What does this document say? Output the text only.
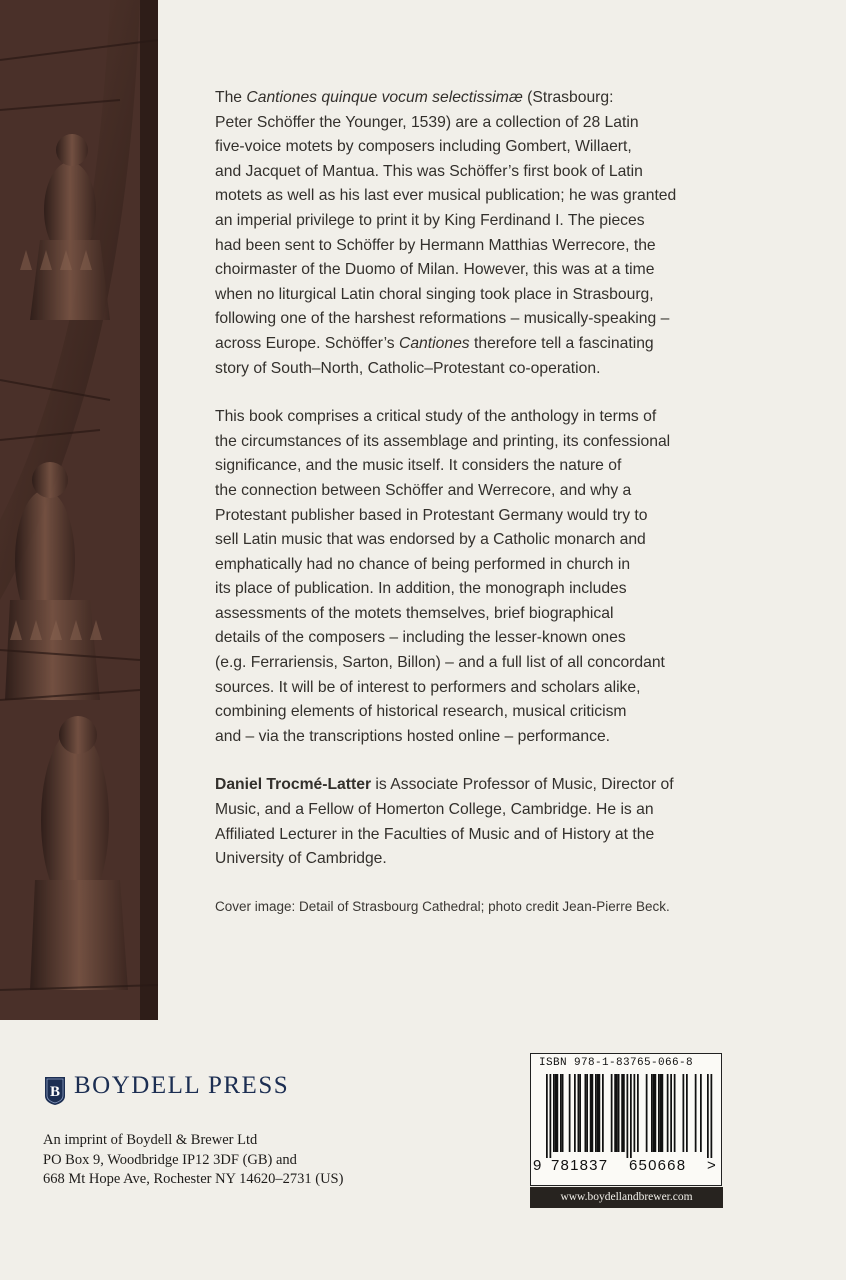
The Cantiones quinque vocum selectissimæ (Strasbourg:
Peter Schöffer the Younger, 1539) are a collection of 28 Latin
five-voice motets by composers including Gombert, Willaert,
and Jacquet of Mantua. This was Schöffer’s first book of Latin
motets as well as his last ever musical publication; he was granted
an imperial privilege to print it by King Ferdinand I. The pieces
had been sent to Schöffer by Hermann Matthias Werrecore, the
choirmaster of the Duomo of Milan. However, this was at a time
when no liturgical Latin choral singing took place in Strasbourg,
following one of the harshest reformations – musically-speaking –
across Europe. Schöffer’s Cantiones therefore tell a fascinating
story of South–North, Catholic–Protestant co-operation.

This book comprises a critical study of the anthology in terms of
the circumstances of its assemblage and printing, its confessional
significance, and the music itself. It considers the nature of
the connection between Schöffer and Werrecore, and why a
Protestant publisher based in Protestant Germany would try to
sell Latin music that was endorsed by a Catholic monarch and
emphatically had no chance of being performed in church in
its place of publication. In addition, the monograph includes
assessments of the motets themselves, brief biographical
details of the composers – including the lesser-known ones
(e.g. Ferrariensis, Sarton, Billon) – and a full list of all concordant
sources. It will be of interest to performers and scholars alike,
combining elements of historical research, musical criticism
and – via the transcriptions hosted online – performance.

Daniel Trocmé-Latter is Associate Professor of Music, Director of
Music, and a Fellow of Homerton College, Cambridge. He is an
Affiliated Lecturer in the Faculties of Music and of History at the
University of Cambridge.

Cover image: Detail of Strasbourg Cathedral; photo credit Jean-Pierre Beck.
B BOYDELL PRESS
An imprint of Boydell & Brewer Ltd
PO Box 9, Woodbridge IP12 3DF (GB) and
668 Mt Hope Ave, Rochester NY 14620–2731 (US)
ISBN 978-1-83765-066-8
9 781837 650668 >
www.boydellandbrewer.com
